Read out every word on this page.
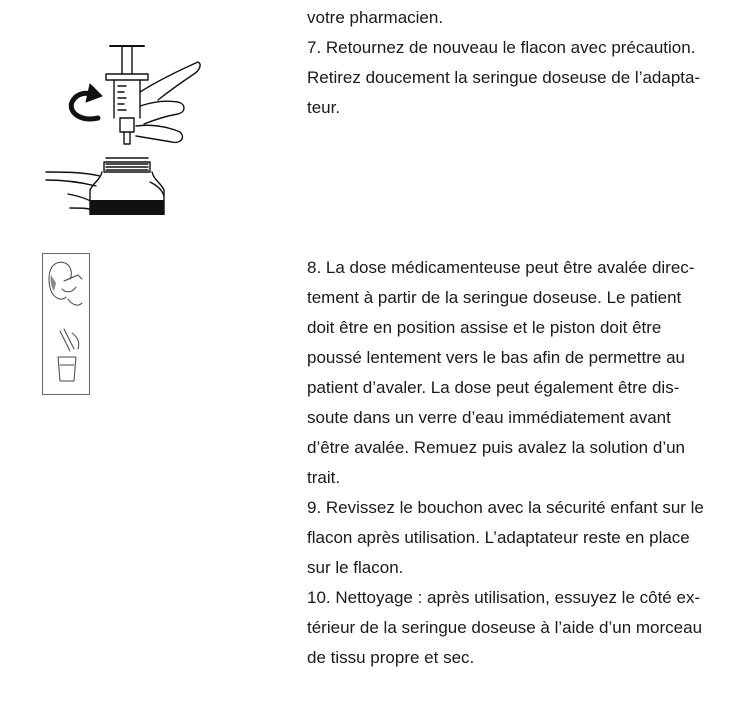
votre pharmacien.

7. Retournez de nouveau le flacon avec précaution.

Retirez doucement la seringue doseuse de l’adapta-

teur.

8. La dose médicamenteuse peut être avalée direc-

tement à partir de la seringue doseuse. Le patient

doit être en position assise et le piston doit être

poussé lentement vers le bas afin de permettre au

patient d’avaler. La dose peut également être dis-

soute dans un verre d’eau immédiatement avant

d’être avalée. Remuez puis avalez la solution d’un

trait.

9. Revissez le bouchon avec la sécurité enfant sur le

flacon après utilisation. L’adaptateur reste en place

sur le flacon.

10. Nettoyage : après utilisation, essuyez le côté ex-

térieur de la seringue doseuse à l’aide d’un morceau

de tissu propre et sec.
